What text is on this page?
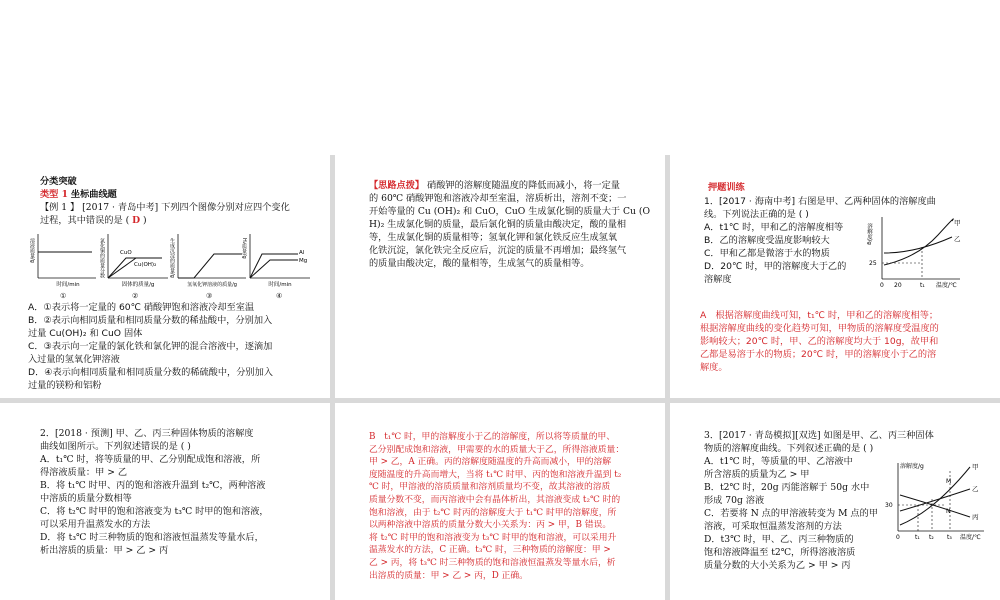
分类突破
类型 1 坐标曲线题
【例 1 】 [2017 · 青岛中考] 下列四个图像分别对应四个变化
过程，其中错误的是 ( D )
时间/min
溶液质量/g	CuO
Cu(OH)₂
固体的质量/g
氯化铜的质量分数
氢氧化钾溶液的质量/g
生成沉淀的质量/g	Al
Mg
时间/min
H₂质量/g
①	②	③	④
A．①表示将一定量的 60℃ 硝酸钾饱和溶液冷却至室温
B．②表示向相同质量和相同质量分数的稀盐酸中，分别加入
过量 Cu(OH)₂ 和 CuO 固体
C．③表示向一定量的氯化铁和氯化钾的混合溶液中，逐滴加
入过量的氢氧化钾溶液
D．④表示向相同质量和相同质量分数的稀硫酸中，分别加入
过量的镁粉和铝粉
【思路点拨】 硝酸钾的溶解度随温度的降低而减小，将一定量
的 60℃ 硝酸钾饱和溶液冷却至室温，溶质析出，溶剂不变；一
开始等量的 Cu (OH)₂ 和 CuO，CuO 生成氯化铜的质量大于 Cu (O
H)₂ 生成氯化铜的质量，最后氯化铜的质量由酸决定，酸的量相
等，生成氯化铜的质量相等；氢氧化钾和氯化铁反应生成氢氧
化铁沉淀，氯化铁完全反应后，沉淀的质量不再增加；最终氢气
的质量由酸决定，酸的量相等，生成氢气的质量相等。
押题训练
1．[2017 · 海南中考] 右图是甲、乙两种固体的溶解度曲
线。下列说法正确的是 ( )
A．t1℃ 时，甲和乙的溶解度相等
B．乙的溶解度受温度影响较大
C．甲和乙都是微溶于水的物质
D．20℃ 时，甲的溶解度大于乙的
溶解度
甲
乙
25
0 20	t₁ 温度/℃
溶解度/g
A　根据溶解度曲线可知，t₁℃ 时，甲和乙的溶解度相等；
根据溶解度曲线的变化趋势可知，甲物质的溶解度受温度的
影响较大；20℃ 时，甲、乙的溶解度均大于 10g，故甲和
乙都是易溶于水的物质；20℃ 时，甲的溶解度小于乙的溶
解度。
2．[2018 · 预测] 甲、乙、丙三种固体物质的溶解度
曲线如图所示。下列叙述错误的是 ( )
A．t₁℃ 时，将等质量的甲、乙分别配成饱和溶液，所
得溶液质量：甲 > 乙
B．将 t₁℃ 时甲、丙的饱和溶液升温到 t₂℃，两种溶液
中溶质的质量分数相等
C．将 t₂℃ 时甲的饱和溶液变为 t₃℃ 时甲的饱和溶液，
可以采用升温蒸发水的方法
D．将 t₃℃ 时三种物质的饱和溶液恒温蒸发等量水后，
析出溶质的质量：甲 > 乙 > 丙
B　t₁℃ 时，甲的溶解度小于乙的溶解度，所以将等质量的甲、
乙分别配成饱和溶液，甲需要的水的质量大于乙，所得溶液质量：
甲 > 乙，A 正确。丙的溶解度随温度的升高而减小，甲的溶解
度随温度的升高而增大，当将 t₁℃ 时甲、丙的饱和溶液升温到 t₂
℃ 时，甲溶液的溶质质量和溶剂质量均不变，故其溶液的溶质
质量分数不变，而丙溶液中会有晶体析出，其溶液变成 t₂℃ 时的
饱和溶液，由于 t₂℃ 时丙的溶解度大于 t₁℃ 时甲的溶解度，所
以两种溶液中溶质的质量分数大小关系为：丙 > 甲，B 错误。
将 t₂℃ 时甲的饱和溶液变为 t₃℃ 时甲的饱和溶液，可以采用升
温蒸发水的方法，C 正确。t₃℃ 时，三种物质的溶解度：甲 >
乙 > 丙，将 t₃℃ 时三种物质的饱和溶液恒温蒸发等量水后，析
出溶质的质量：甲 > 乙 > 丙，D 正确。
3．[2017 · 青岛模拟][双选] 如图是甲、乙、丙三种固体
物质的溶解度曲线。下列叙述正确的是 ( )
A．t1℃ 时，等质量的甲、乙溶液中
所含溶质的质量为乙 > 甲
B．t2℃ 时，20g 丙能溶解于 50g 水中
形成 70g 溶液
C．若要将 N 点的甲溶液转变为 M 点的甲
溶液，可采取恒温蒸发溶剂的方法
D．t3℃ 时，甲、乙、丙三种物质的
饱和溶液降温至 t2℃，所得溶液溶质
质量分数的大小关系为乙 > 甲 > 丙
甲
乙
丙
M
N
30
0	t₁ t₂ t₃ 温度/℃
溶解度/g
